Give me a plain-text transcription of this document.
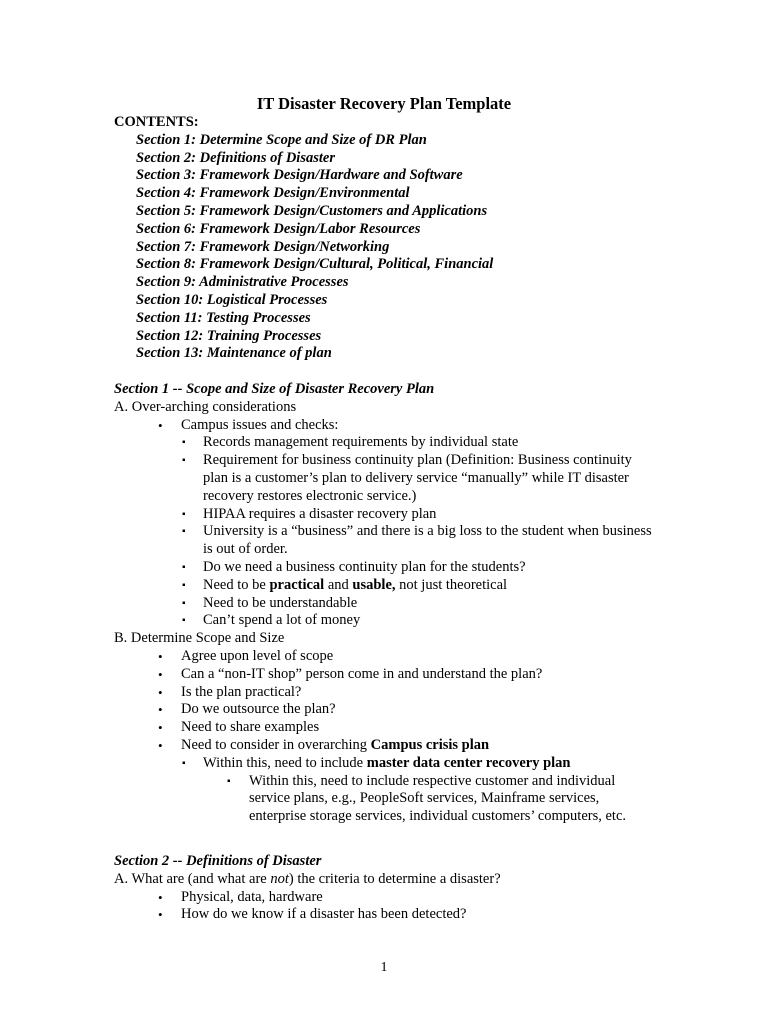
IT Disaster Recovery Plan Template
CONTENTS:
Section 1: Determine Scope and Size of DR Plan
Section 2: Definitions of Disaster
Section 3: Framework Design/Hardware and Software
Section 4: Framework Design/Environmental
Section 5: Framework Design/Customers and Applications
Section 6: Framework Design/Labor Resources
Section 7: Framework Design/Networking
Section 8: Framework Design/Cultural, Political, Financial
Section 9: Administrative Processes
Section 10: Logistical Processes
Section 11: Testing Processes
Section 12: Training Processes
Section 13: Maintenance of plan
Section 1 -- Scope and Size of Disaster Recovery Plan
A. Over-arching considerations
• Campus issues and checks:
▪ Records management requirements by individual state
▪ Requirement for business continuity plan (Definition: Business continuity plan is a customer’s plan to delivery service “manually” while IT disaster recovery restores electronic service.)
▪ HIPAA requires a disaster recovery plan
▪ University is a “business” and there is a big loss to the student when business is out of order.
▪ Do we need a business continuity plan for the students?
▪ Need to be practical and usable, not just theoretical
▪ Need to be understandable
▪ Can’t spend a lot of money
B. Determine Scope and Size
• Agree upon level of scope
• Can a “non-IT shop” person come in and understand the plan?
• Is the plan practical?
• Do we outsource the plan?
• Need to share examples
• Need to consider in overarching Campus crisis plan
▪ Within this, need to include master data center recovery plan
▪ Within this, need to include respective customer and individual service plans, e.g., PeopleSoft services, Mainframe services, enterprise storage services, individual customers’ computers, etc.
Section 2 -- Definitions of Disaster
A. What are (and what are not) the criteria to determine a disaster?
• Physical, data, hardware
• How do we know if a disaster has been detected?
1
